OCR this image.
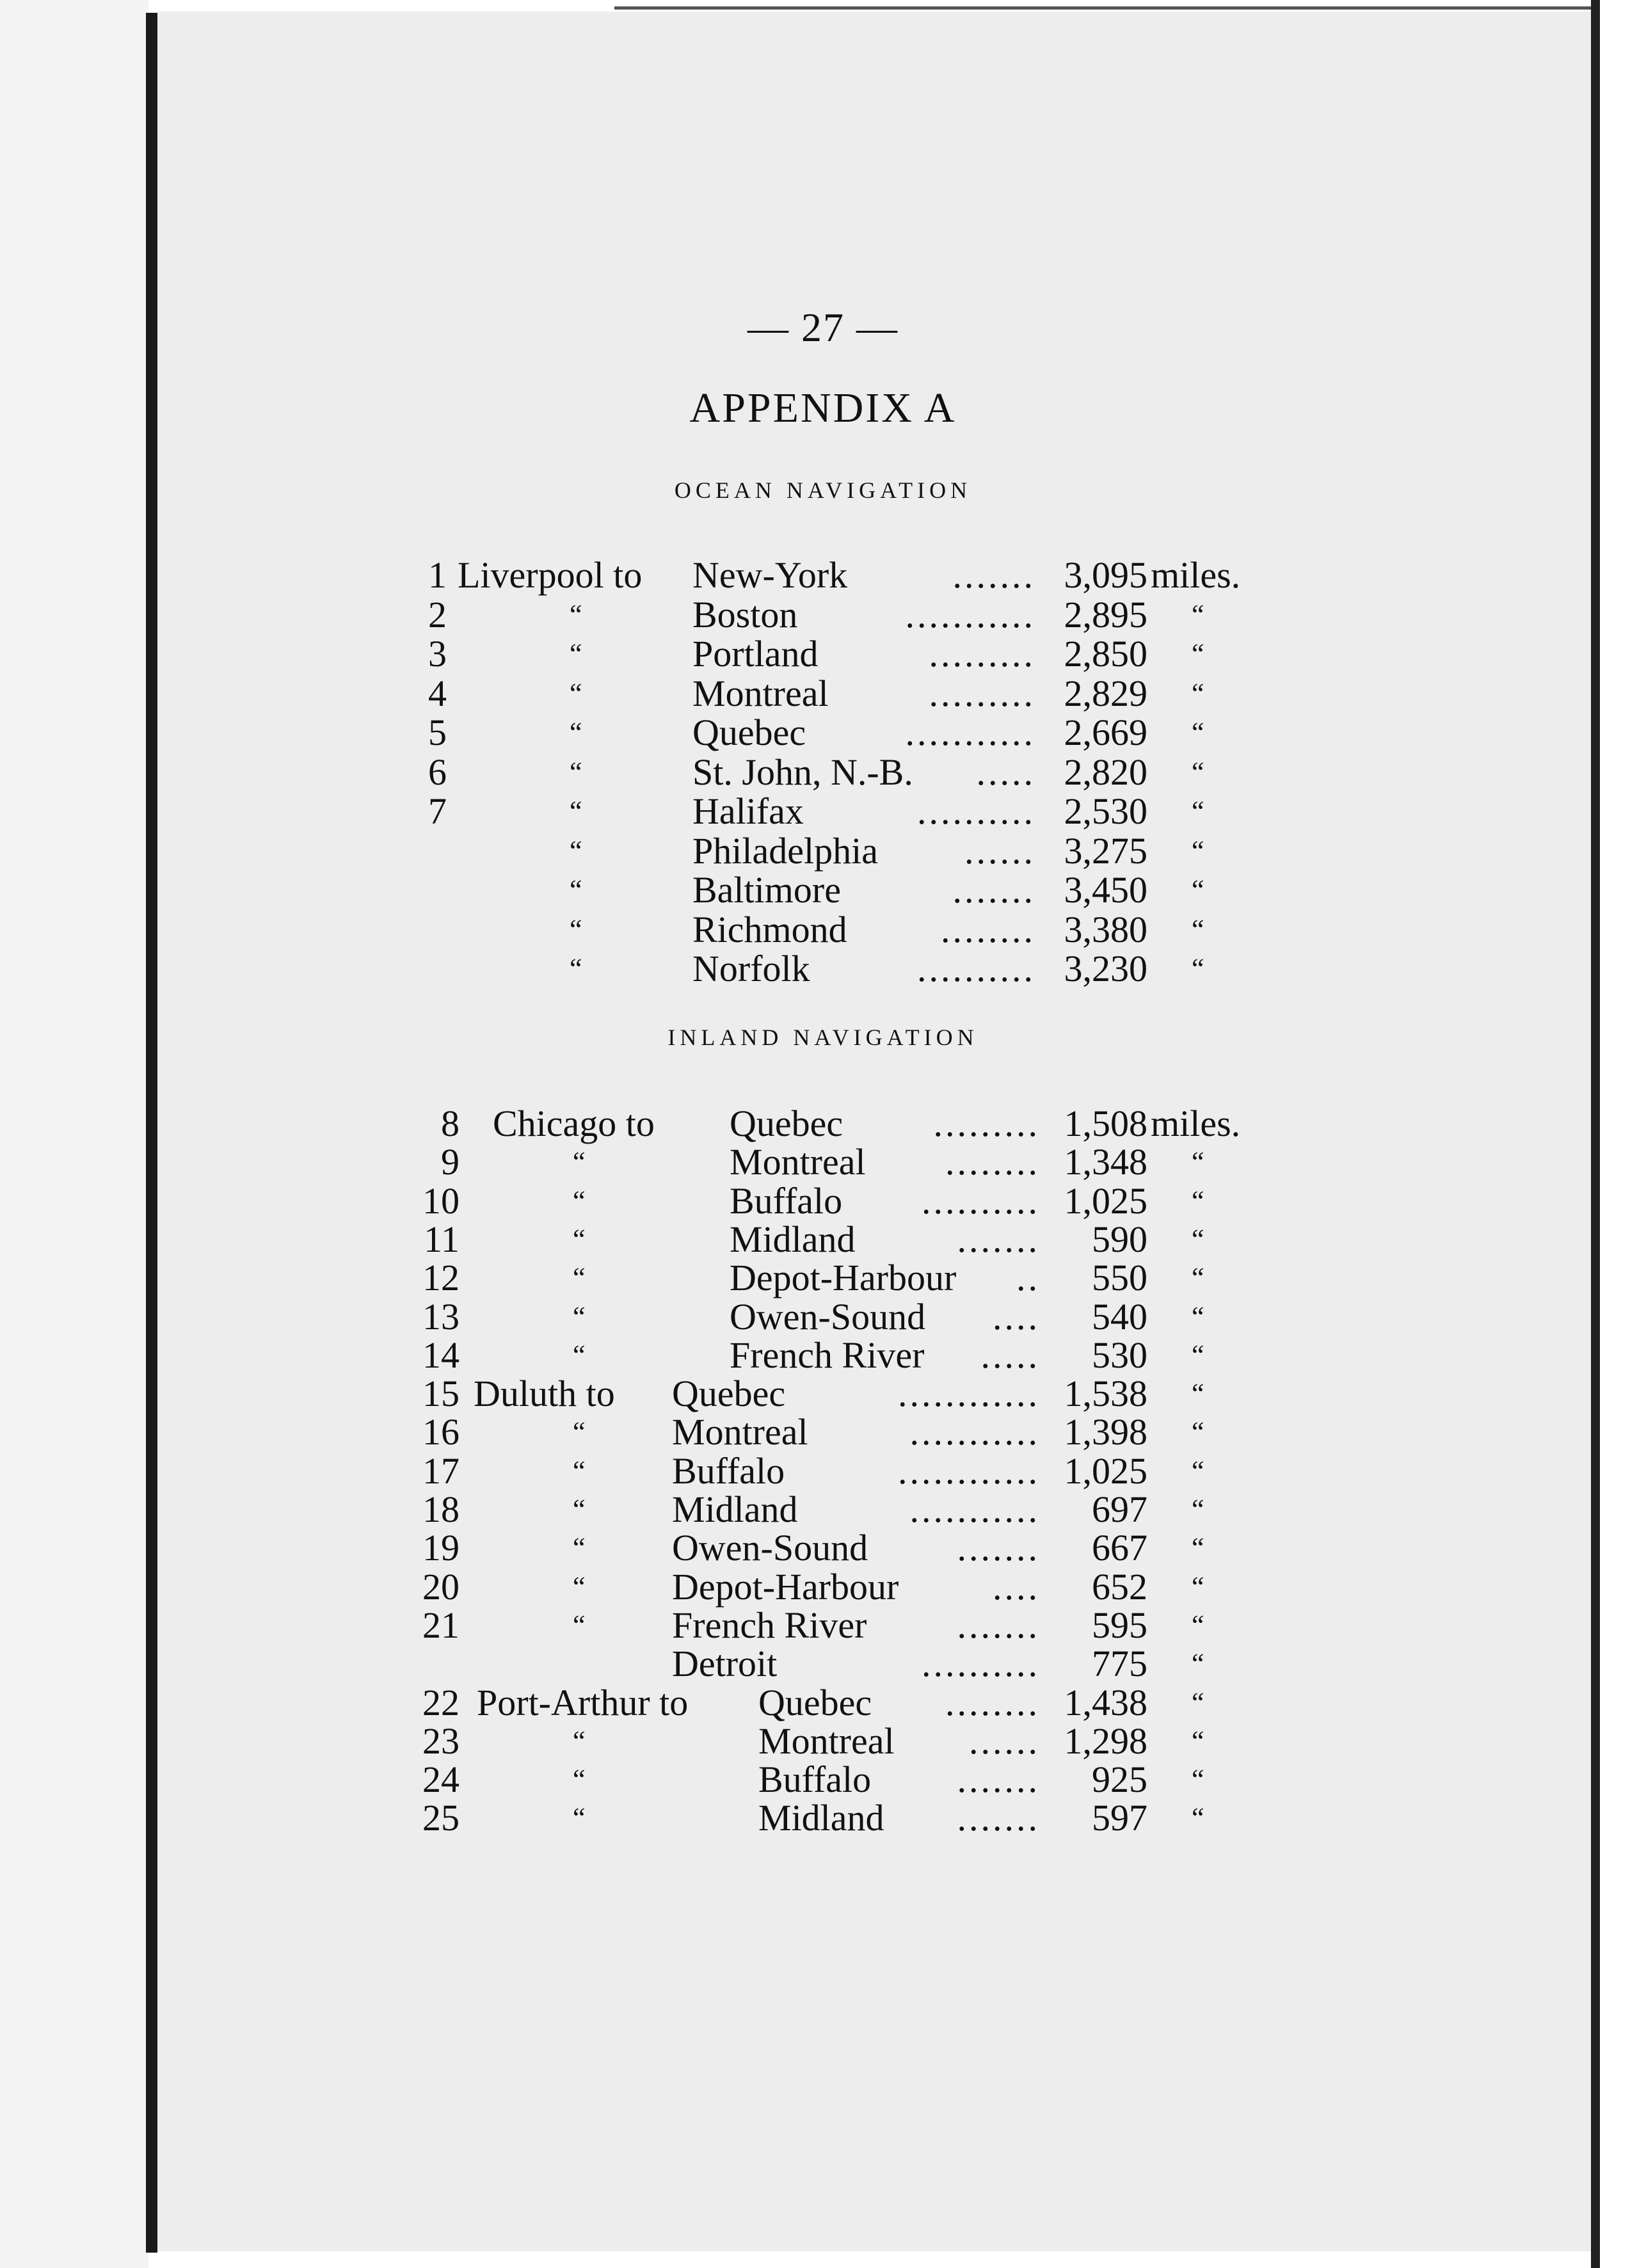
— 27 —
APPENDIX A
OCEAN NAVIGATION
INLAND NAVIGATION
1 Liverpool to New-York	....... 3,095 miles.
2	“	Boston	........... 2,895 “
3	“	Portland	......... 2,850 “
4	“	Montreal	......... 2,829 “
5	“	Quebec	........... 2,669 “
6	“	St. John, N.-B. ..... 2,820 “
7	“	Halifax	.......... 2,530 “
“	Philadelphia ...... 3,275 “
“	Baltimore	....... 3,450 “
“	Richmond	........ 3,380 “
“	Norfolk	.......... 3,230 “
8 Chicago to Quebec ......... 1,508 miles.
9	“	Montreal ........ 1,348 “
10	“	Buffalo .......... 1,025 “
11	“	Midland	.......	590 “
12	“	Depot-Harbour ..	550 “
13	“	Owen-Sound ....	540 “
14	“	French River .....	530 “
15 Duluth to Quebec	............ 1,538 “
16	“ Montreal	........... 1,398 “
17	“ Buffalo	............ 1,025 “
18	“ Midland	...........	697 “
19	“ Owen-Sound .......	667 “
20	“ Depot-Harbour	....	652 “
21	“ French River .......	595 “
Detroit	..........	775 “
22 Port-Arthur to Quebec ........ 1,438 “
23	“	Montreal ...... 1,298 “
24	“	Buffalo .......	925 “
25	“	Midland .......	597 “
